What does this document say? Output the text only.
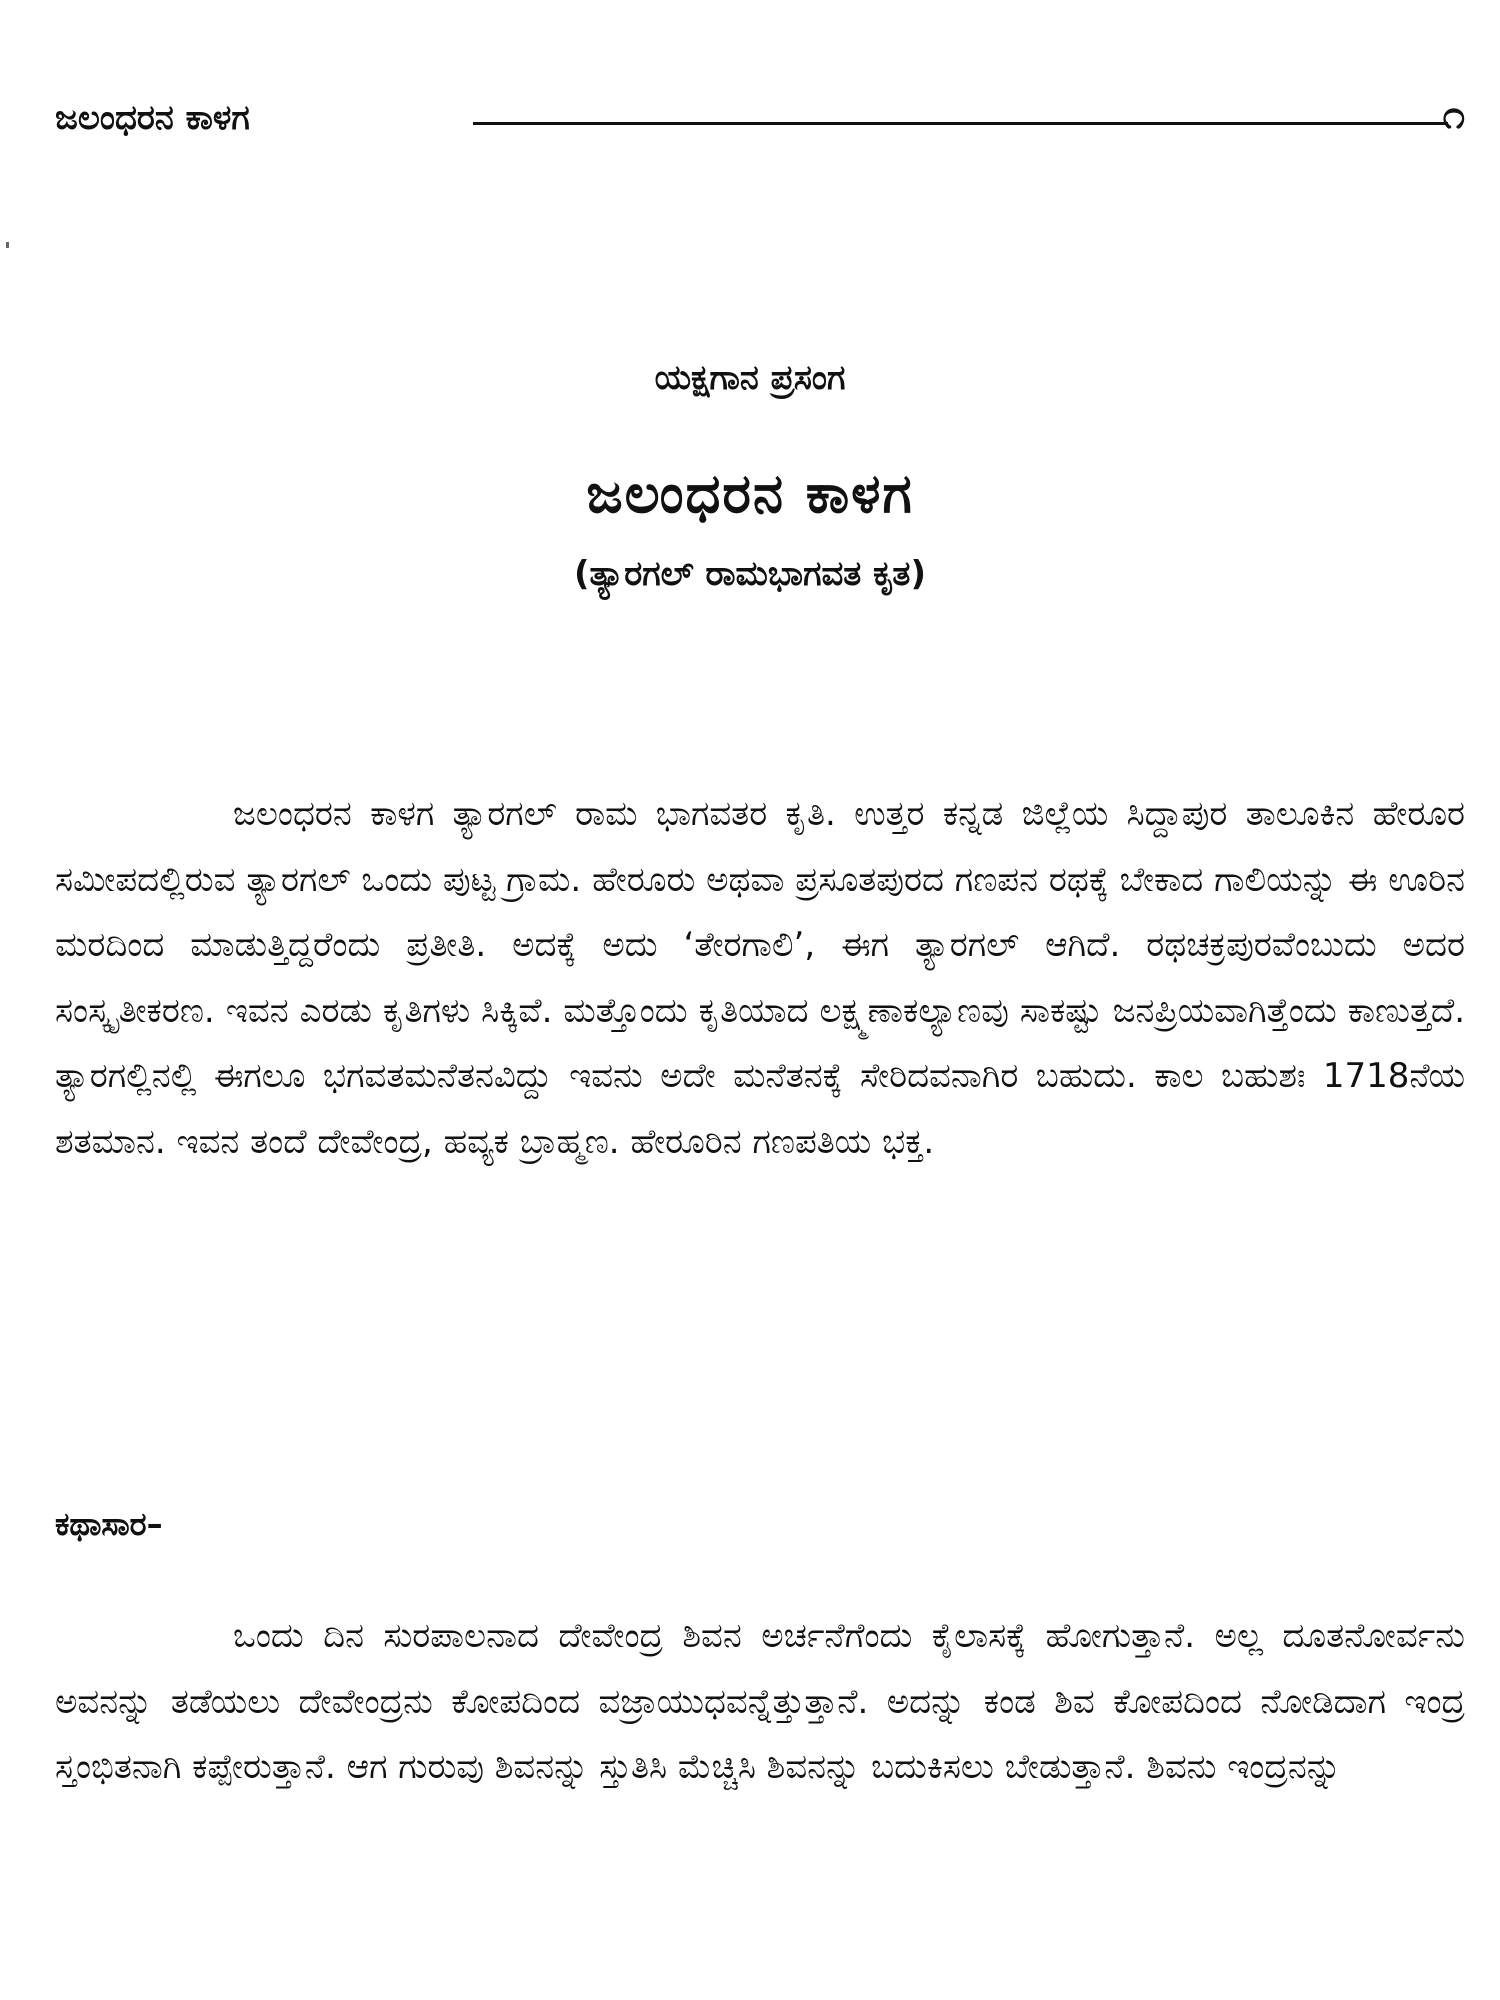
ಜಲಂಧರನ ಕಾಳಗ	೧
ಯಕ್ಷಗಾನ ಪ್ರಸಂಗ
ಜಲಂಧರನ ಕಾಳಗ
(ತ್ಯಾರಗಲ್ ರಾಮಭಾಗವತ ಕೃತ)

ಜಲಂಧರನ ಕಾಳಗ ತ್ಯಾರಗಲ್ ರಾಮ ಭಾಗವತರ ಕೃತಿ. ಉತ್ತರ ಕನ್ನಡ ಜಿಲ್ಲೆಯ ಸಿದ್ದಾಪುರ ತಾಲೂಕಿನ ಹೇರೂರ ಸಮೀಪದಲ್ಲಿರುವ ತ್ಯಾರಗಲ್ ಒಂದು ಪುಟ್ಟ ಗ್ರಾಮ. ಹೇರೂರು ಅಥವಾ ಪ್ರಸೂತಪುರದ ಗಣಪನ ರಥಕ್ಕೆ ಬೇಕಾದ ಗಾಲಿಯನ್ನು ಈ ಊರಿನ ಮರದಿಂದ ಮಾಡುತ್ತಿದ್ದರೆಂದು ಪ್ರತೀತಿ. ಅದಕ್ಕೆ ಅದು ‘ತೇರಗಾಲಿ’, ಈಗ ತ್ಯಾರಗಲ್ ಆಗಿದೆ. ರಥಚಕ್ರಪುರವೆಂಬುದು ಅದರ ಸಂಸ್ಕೃತೀಕರಣ. ಇವನ ಎರಡು ಕೃತಿಗಳು ಸಿಕ್ಕಿವೆ. ಮತ್ತೊಂದು ಕೃತಿಯಾದ ಲಕ್ಷ್ಮಣಾಕಲ್ಯಾಣವು ಸಾಕಷ್ಟು ಜನಪ್ರಿಯವಾಗಿತ್ತೆಂದು ಕಾಣುತ್ತದೆ. ತ್ಯಾರಗಲ್ಲಿನಲ್ಲಿ ಈಗಲೂ ಭಗವತಮನೆತನವಿದ್ದು ಇವನು ಅದೇ ಮನೆತನಕ್ಕೆ ಸೇರಿದವನಾಗಿರ ಬಹುದು. ಕಾಲ ಬಹುಶಃ 1718ನೆಯ ಶತಮಾನ. ಇವನ ತಂದೆ ದೇವೇಂದ್ರ, ಹವ್ಯಕ ಬ್ರಾಹ್ಮಣ. ಹೇರೂರಿನ ಗಣಪತಿಯ ಭಕ್ತ.

ಕಥಾಸಾರ–

ಒಂದು ದಿನ ಸುರಪಾಲನಾದ ದೇವೇಂದ್ರ ಶಿವನ ಅರ್ಚನೆಗೆಂದು ಕೈಲಾಸಕ್ಕೆ ಹೋಗುತ್ತಾನೆ. ಅಲ್ಲ ದೂತನೋರ್ವನು ಅವನನ್ನು ತಡೆಯಲು ದೇವೇಂದ್ರನು ಕೋಪದಿಂದ ವಜ್ರಾಯುಧವನ್ನೆತ್ತುತ್ತಾನೆ. ಅದನ್ನು ಕಂಡ ಶಿವ ಕೋಪದಿಂದ ನೋಡಿದಾಗ ಇಂದ್ರ ಸ್ತಂಭಿತನಾಗಿ ಕಪ್ಪೇರುತ್ತಾನೆ. ಆಗ ಗುರುವು ಶಿವನನ್ನು ಸ್ತುತಿಸಿ ಮೆಚ್ಚಿಸಿ ಶಿವನನ್ನು ಬದುಕಿಸಲು ಬೇಡುತ್ತಾನೆ. ಶಿವನು ಇಂದ್ರನನ್ನು
